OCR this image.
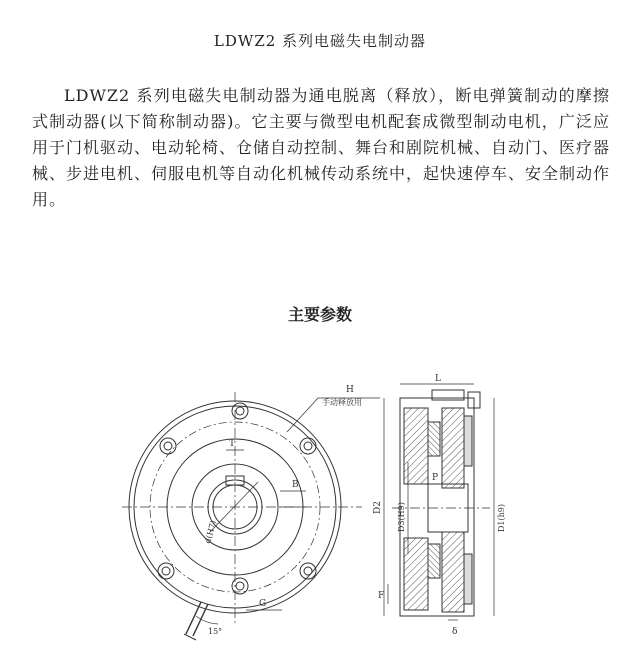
LDWZ2 系列电磁失电制动器

LDWZ2 系列电磁失电制动器为通电脱离（释放），断电弹簧制动的摩擦式制动器(以下简称制动器)。它主要与微型电机配套成微型制动电机，广泛应用于门机驱动、电动轮椅、仓储自动控制、舞台和剧院机械、自动门、医疗器械、步进电机、伺服电机等自动化机械传动系统中，起快速停车、安全制动作用。

主要参数
H
手动释放用
T
B
d(H7)
G
15°
L
P
D2 D3(H9)	D1(h9)
F
δ
